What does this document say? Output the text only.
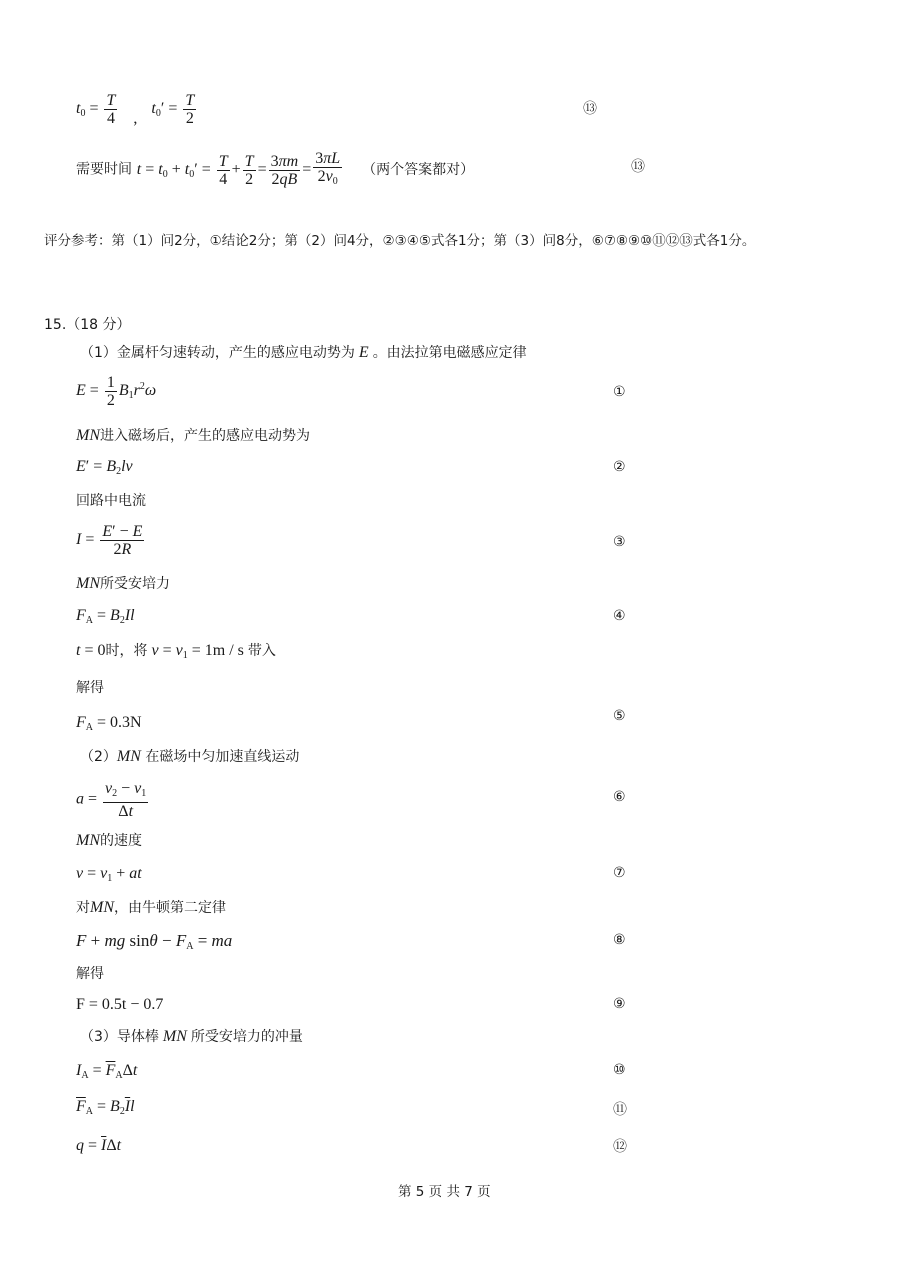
$t_0 = \frac{T}{4}$ , $t_0' = \frac{T}{2}$	⑬
需要时间 $t = t_0 + t_0' = \frac{T}{4} + \frac{T}{2} = \frac{3\pi m}{2qB} = \frac{3\pi L}{2v_0}$ （两个答案都对）	⑬
评分参考：第（1）问2分，①结论2分；第（2）问4分，②③④⑤式各1分；第（3）问8分，⑥⑦⑧⑨⑩⑪⑫⑬式各1分。
15.（18 分）
（1）金属杆匀速转动，产生的感应电动势为 E 。由法拉第电磁感应定律
$E = \frac{1}{2} B_1r^2\omega$	①
MN进入磁场后，产生的感应电动势为
$E' = B_2lv$	②
回路中电流
$I = \frac{E' - E}{2R}$	③
MN所受安培力
$F_A = B_2Il$	④
t = 0时，将 $v = v_1 = 1m / s$ 带入
解得
$F_A = 0.3N$	⑤
（2）MN 在磁场中匀加速直线运动
$a = \frac{v_2 - v_1}{\Delta t}$	⑥
MN的速度
$v = v_1$ + at	⑦
对MN，由牛顿第二定律
F + mg $\sin\theta - F_A$ = ma	⑧
解得
F = 0.5t − 0.7	⑨
（3）导体棒 MN 所受安培力的冲量
$I_A = \overline{F}_A\Delta t$	⑩
$\overline{F}_A = B_2\overline{I}l$	⑪
$q = \overline{I}\Delta t$	⑫
第 5 页 共 7 页
